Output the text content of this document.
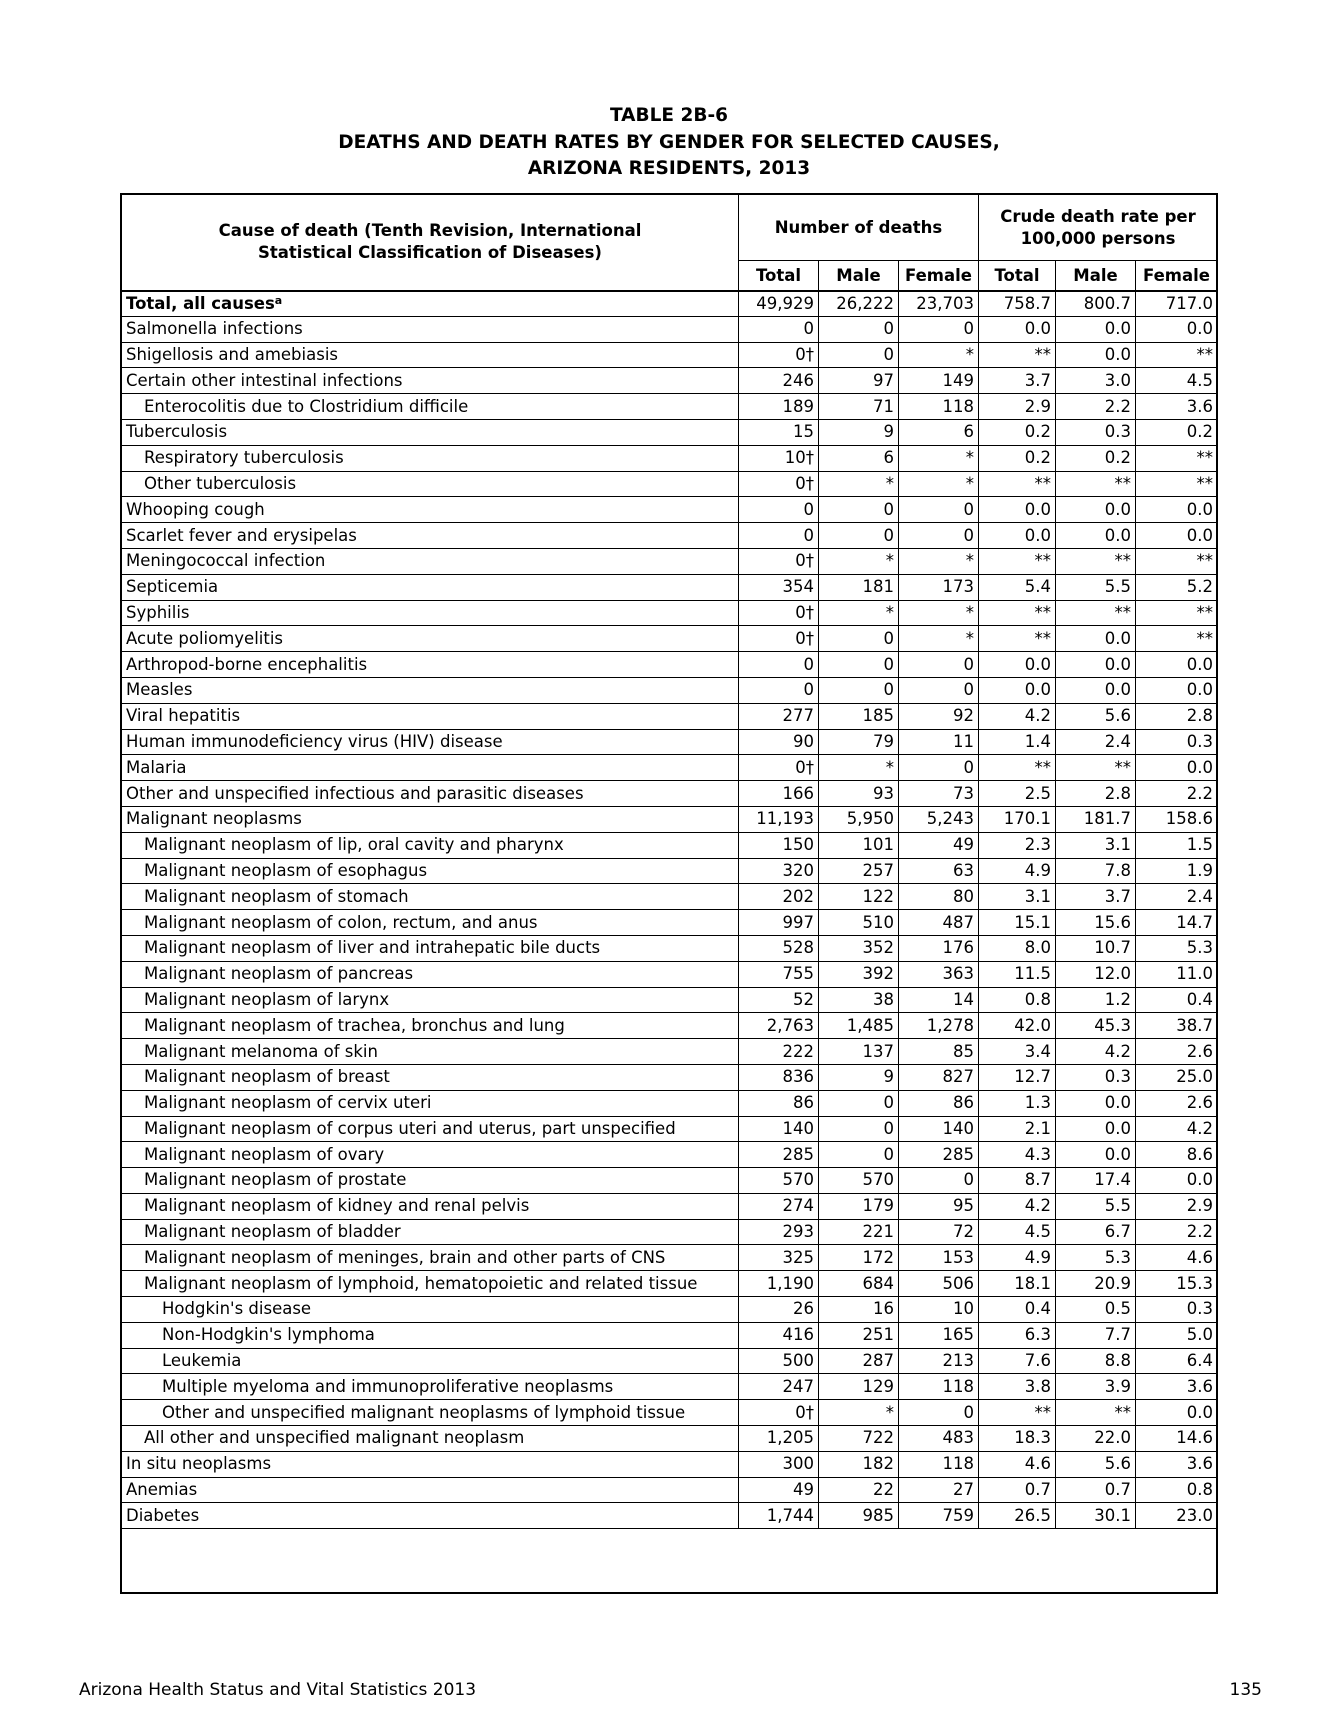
TABLE 2B-6
DEATHS AND DEATH RATES BY GENDER FOR SELECTED CAUSES,
ARIZONA RESIDENTS, 2013
Cause of death (Tenth Revision, International Statistical Classification of Diseases)	Number of deaths			Crude death rate per 100,000 persons		
	Total	Male	Female	Total	Male	Female
Total, all causes$^a$	49,929	26,222	23,703	758.7	800.7	717.0
Salmonella infections	0	0	0	0.0	0.0	0.0
Shigellosis and amebiasis	0†	0	*	**	0.0	**
Certain other intestinal infections	246	97	149	3.7	3.0	4.5
Enterocolitis due to Clostridium difficile	189	71	118	2.9	2.2	3.6
Tuberculosis	15	9	6	0.2	0.3	0.2
Respiratory tuberculosis	10†	6	*	0.2	0.2	**
Other tuberculosis	0†	*	*	**	**	**
Whooping cough	0	0	0	0.0	0.0	0.0
Scarlet fever and erysipelas	0	0	0	0.0	0.0	0.0
Meningococcal infection	0†	*	*	**	**	**
Septicemia	354	181	173	5.4	5.5	5.2
Syphilis	0†	*	*	**	**	**
Acute poliomyelitis	0†	0	*	**	0.0	**
Arthropod-borne encephalitis	0	0	0	0.0	0.0	0.0
Measles	0	0	0	0.0	0.0	0.0
Viral hepatitis	277	185	92	4.2	5.6	2.8
Human immunodeficiency virus (HIV) disease	90	79	11	1.4	2.4	0.3
Malaria	0†	*	0	**	**	0.0
Other and unspecified infectious and parasitic diseases	166	93	73	2.5	2.8	2.2
Malignant neoplasms	11,193	5,950	5,243	170.1	181.7	158.6
Malignant neoplasm of lip, oral cavity and pharynx	150	101	49	2.3	3.1	1.5
Malignant neoplasm of esophagus	320	257	63	4.9	7.8	1.9
Malignant neoplasm of stomach	202	122	80	3.1	3.7	2.4
Malignant neoplasm of colon, rectum, and anus	997	510	487	15.1	15.6	14.7
Malignant neoplasm of liver and intrahepatic bile ducts	528	352	176	8.0	10.7	5.3
Malignant neoplasm of pancreas	755	392	363	11.5	12.0	11.0
Malignant neoplasm of larynx	52	38	14	0.8	1.2	0.4
Malignant neoplasm of trachea, bronchus and lung	2,763	1,485	1,278	42.0	45.3	38.7
Malignant melanoma of skin	222	137	85	3.4	4.2	2.6
Malignant neoplasm of breast	836	9	827	12.7	0.3	25.0
Malignant neoplasm of cervix uteri	86	0	86	1.3	0.0	2.6
Malignant neoplasm of corpus uteri and uterus, part unspecified	140	0	140	2.1	0.0	4.2
Malignant neoplasm of ovary	285	0	285	4.3	0.0	8.6
Malignant neoplasm of prostate	570	570	0	8.7	17.4	0.0
Malignant neoplasm of kidney and renal pelvis	274	179	95	4.2	5.5	2.9
Malignant neoplasm of bladder	293	221	72	4.5	6.7	2.2
Malignant neoplasm of meninges, brain and other parts of CNS	325	172	153	4.9	5.3	4.6
Malignant neoplasm of lymphoid, hematopoietic and related tissue	1,190	684	506	18.1	20.9	15.3
Hodgkin's disease	26	16	10	0.4	0.5	0.3
Non-Hodgkin's lymphoma	416	251	165	6.3	7.7	5.0
Leukemia	500	287	213	7.6	8.8	6.4
Multiple myeloma and immunoproliferative neoplasms	247	129	118	3.8	3.9	3.6
Other and unspecified malignant neoplasms of lymphoid tissue	0†	*	0	**	**	0.0
All other and unspecified malignant neoplasm	1,205	722	483	18.3	22.0	14.6
In situ neoplasms	300	182	118	4.6	5.6	3.6
Anemias	49	22	27	0.7	0.7	0.8
Diabetes	1,744	985	759	26.5	30.1	23.0
Arizona Health Status and Vital Statistics 2013	135
